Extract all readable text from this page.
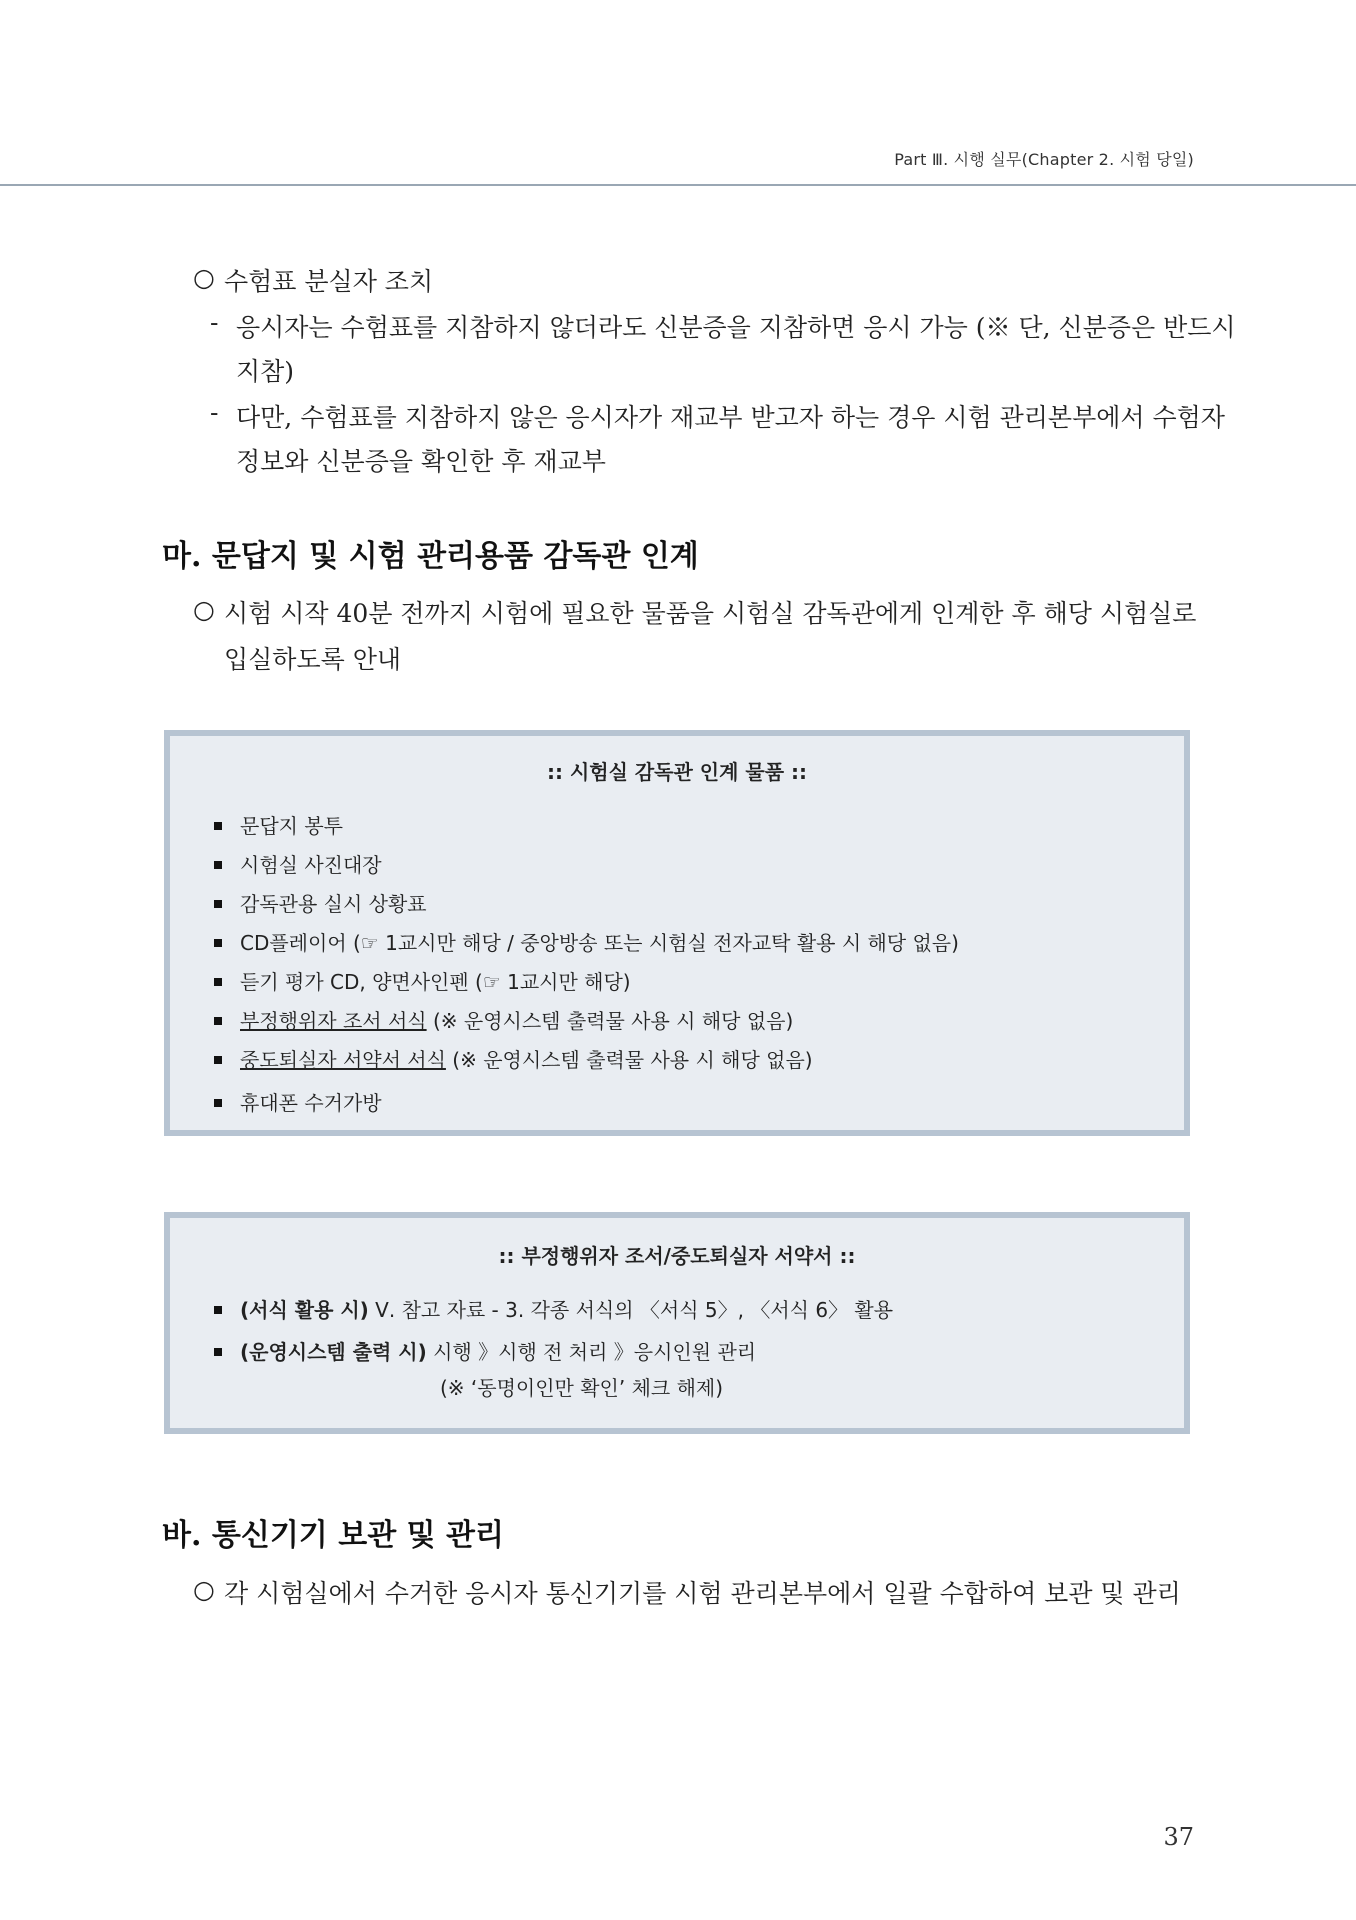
Part Ⅲ. 시행 실무(Chapter 2. 시험 당일)
○ 수험표 분실자 조치
- 응시자는 수험표를 지참하지 않더라도 신분증을 지참하면 응시 가능 (※ 단, 신분증은 반드시
지참)
- 다만, 수험표를 지참하지 않은 응시자가 재교부 받고자 하는 경우 시험 관리본부에서 수험자
정보와 신분증을 확인한 후 재교부
마. 문답지 및 시험 관리용품 감독관 인계
○ 시험 시작 40분 전까지 시험에 필요한 물품을 시험실 감독관에게 인계한 후 해당 시험실로
입실하도록 안내
:: 시험실 감독관 인계 물품 ::
문답지 봉투
시험실 사진대장
감독관용 실시 상황표
CD플레이어 (☞ 1교시만 해당 / 중앙방송 또는 시험실 전자교탁 활용 시 해당 없음)
듣기 평가 CD, 양면사인펜 (☞ 1교시만 해당)
부정행위자 조서 서식 (※ 운영시스템 출력물 사용 시 해당 없음)
중도퇴실자 서약서 서식 (※ 운영시스템 출력물 사용 시 해당 없음)
휴대폰 수거가방
:: 부정행위자 조서/중도퇴실자 서약서 ::
(서식 활용 시) Ⅴ. 참고 자료 - 3. 각종 서식의 〈서식 5〉, 〈서식 6〉 활용
(운영시스템 출력 시) 시행 》시행 전 처리 》응시인원 관리
(※ ‘동명이인만 확인’ 체크 해제)
바. 통신기기 보관 및 관리
○ 각 시험실에서 수거한 응시자 통신기기를 시험 관리본부에서 일괄 수합하여 보관 및 관리
37
